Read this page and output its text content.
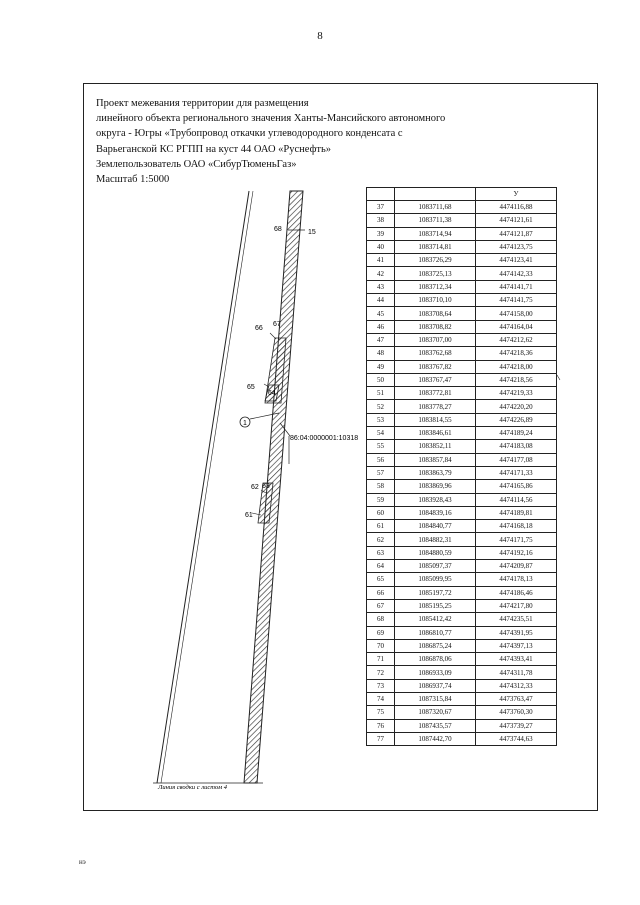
8
Проект межевания территории для размещения
линейного объекта регионального значения Ханты-Мансийского автономного
округа - Югры «Трубопровод откачки углеводородного конденсата с
Варьеганской КС РГПП на куст 44 ОАО «Руснефть»
Землепользователь ОАО «СибурТюменьГаз»
Масштаб 1:5000
1
86:04:0000001:10318
68	15
66
67
65
64
63
62
61
Линия сводки с листом 4
		У
37	1083711,68	4474116,88
38	1083711,38	4474121,61
39	1083714,94	4474121,87
40	1083714,81	4474123,75
41	1083726,29	4474123,41
42	1083725,13	4474142,33
43	1083712,34	4474141,71
44	1083710,10	4474141,75
45	1083708,64	4474158,00
46	1083708,82	4474164,04
47	1083707,00	4474212,62
48	1083762,68	4474218,36
49	1083767,82	4474218,00
50	1083767,47	4474218,56
51	1083772,81	4474219,33
52	1083778,27	4474220,20
53	1083814,55	4474226,89
54	1083846,61	4474189,24
55	1083852,11	4474183,08
56	1083857,84	4474177,08
57	1083863,79	4474171,33
58	1083869,96	4474165,86
59	1083928,43	4474114,56
60	1084839,16	4474189,81
61	1084840,77	4474168,18
62	1084882,31	4474171,75
63	1084880,59	4474192,16
64	1085097,37	4474209,87
65	1085099,95	4474178,13
66	1085197,72	4474186,46
67	1085195,25	4474217,80
68	1085412,42	4474235,51
69	1086810,77	4474391,95
70	1086875,24	4474397,13
71	1086878,06	4474393,41
72	1086933,09	4474311,78
73	1086937,74	4474312,33
74	1087315,84	4473763,47
75	1087320,67	4473760,30
76	1087435,57	4473739,27
77	1087442,70	4473744,63
нэ
